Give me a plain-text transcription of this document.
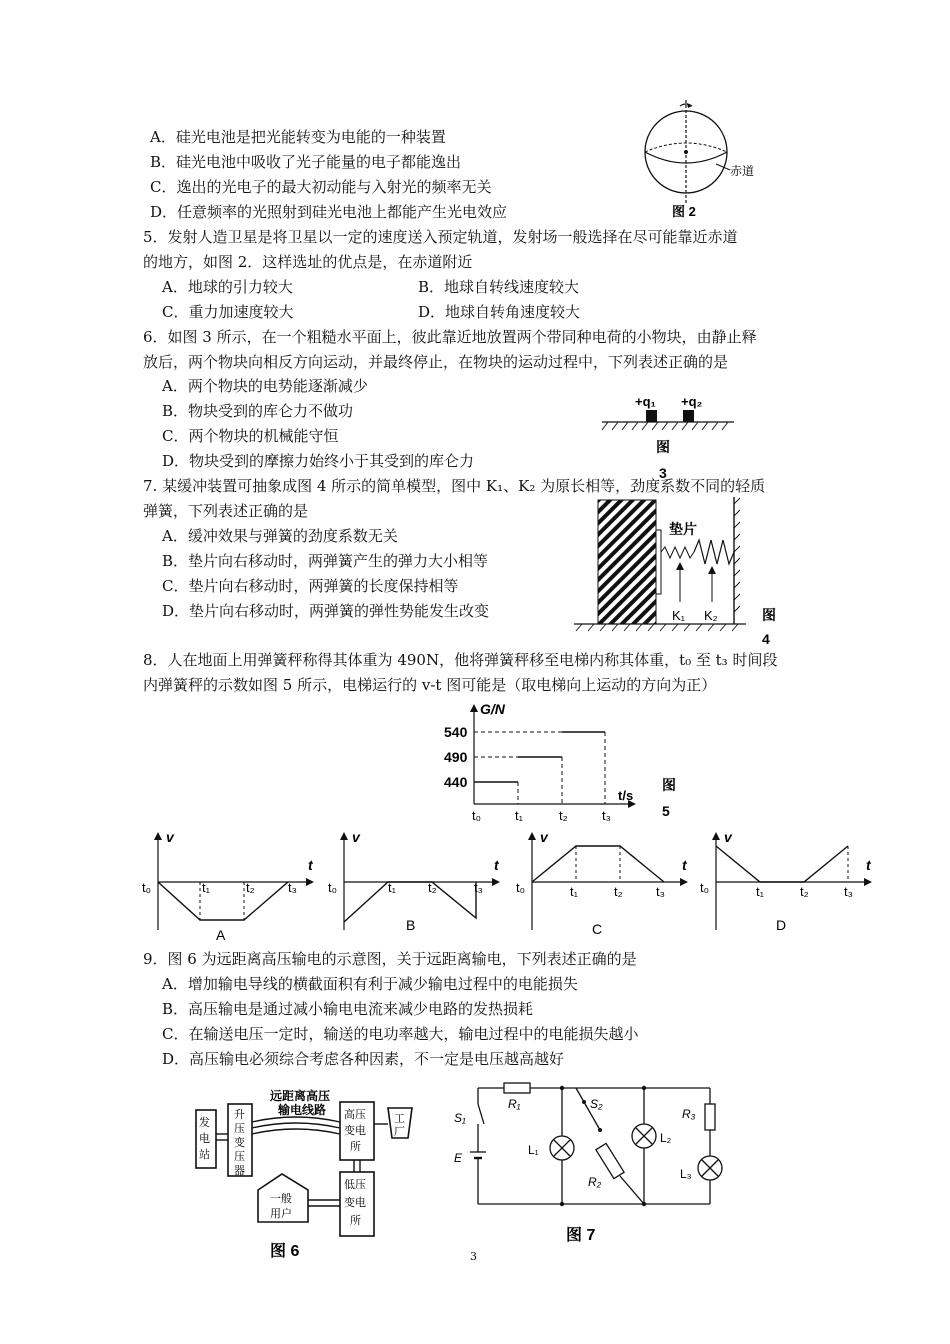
A．硅光电池是把光能转变为电能的一种装置
B．硅光电池中吸收了光子能量的电子都能逸出
C．逸出的光电子的最大初动能与入射光的频率无关
D．任意频率的光照射到硅光电池上都能产生光电效应
赤道
图 2
5．发射人造卫星是将卫星以一定的速度送入预定轨道，发射场一般选择在尽可能靠近赤道
的地方，如图 2．这样选址的优点是，在赤道附近
A．地球的引力较大	B．地球自转线速度较大
C．重力加速度较大	D．地球自转角速度较大
6．如图 3 所示，在一个粗糙水平面上，彼此靠近地放置两个带同种电荷的小物块，由静止释
放后，两个物块向相反方向运动，并最终停止，在物块的运动过程中，下列表述正确的是
A．两个物块的电势能逐渐减少
B．物块受到的库仑力不做功
C．两个物块的机械能守恒
D．物块受到的摩擦力始终小于其受到的库仑力
+q₁ +q₂
图
3
7. 某缓冲装置可抽象成图 4 所示的简单模型，图中 K₁、K₂ 为原长相等，劲度系数不同的轻质
弹簧，下列表述正确的是
A．缓冲效果与弹簧的劲度系数无关
B．垫片向右移动时，两弹簧产生的弹力大小相等
C．垫片向右移动时，两弹簧的长度保持相等
D．垫片向右移动时，两弹簧的弹性势能发生改变
垫片
K₁ K₂	图
4
8．人在地面上用弹簧秤称得其体重为 490N，他将弹簧秤移至电梯内称其体重，t₀ 至 t₃ 时间段
内弹簧秤的示数如图 5 所示，电梯运行的 v-t 图可能是（取电梯向上运动的方向为正）
G/N
t/s
540
490
440
t₀	t₁	t₂	t₃
图
5
v
t
t₀	t₁	t₂	t₃
A
v
t
t₀	t₁ t₂	t₃
B
v
t
t₀	t₁	t₂	t₃
C
v
t
t₀	t₁	t₂	t₃
D
9．图 6 为远距离高压输电的示意图，关于远距离输电，下列表述正确的是
A．增加输电导线的横截面积有利于减少输电过程中的电能损失
B．高压输电是通过减小输电电流来减少电路的发热损耗
C．在输送电压一定时，输送的电功率越大，输电过程中的电能损失越小
D．高压输电必须综合考虑各种因素，不一定是电压越高越好
发
电
站
升
压
变
压
器
远距离高压
输电线路 高压
变电
所
工
厂
低压
变电
所
一般
用户
图 6
R₁
S₁
S₂
L₁
E
R₂
L₂
R₃
L₃
图 7
3
